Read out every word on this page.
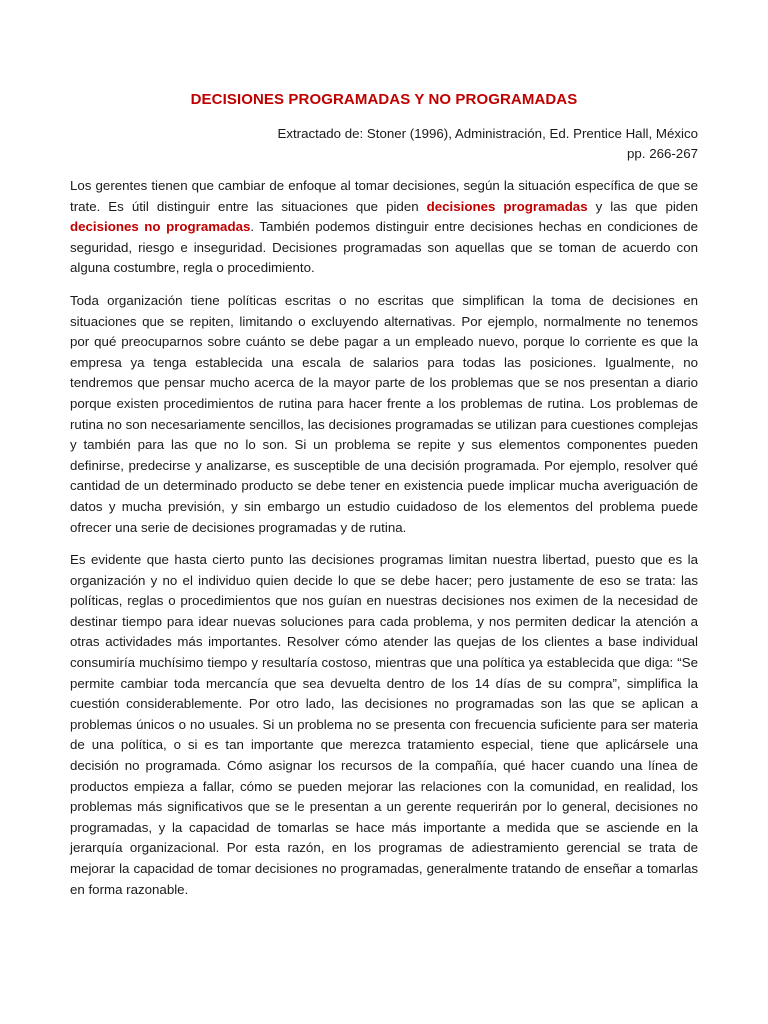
DECISIONES PROGRAMADAS Y NO PROGRAMADAS
Extractado de: Stoner (1996), Administración, Ed. Prentice Hall, México
pp. 266-267

Los gerentes tienen que cambiar de enfoque al tomar decisiones, según la situación específica de que se trate. Es útil distinguir entre las situaciones que piden decisiones programadas y las que piden decisiones no programadas. También podemos distinguir entre decisiones hechas en condiciones de seguridad, riesgo e inseguridad. Decisiones programadas son aquellas que se toman de acuerdo con alguna costumbre, regla o procedimiento.

Toda organización tiene políticas escritas o no escritas que simplifican la toma de decisiones en situaciones que se repiten, limitando o excluyendo alternativas. Por ejemplo, normalmente no tenemos por qué preocuparnos sobre cuánto se debe pagar a un empleado nuevo, porque lo corriente es que la empresa ya tenga establecida una escala de salarios para todas las posiciones. Igualmente, no tendremos que pensar mucho acerca de la mayor parte de los problemas que se nos presentan a diario porque existen procedimientos de rutina para hacer frente a los problemas de rutina. Los problemas de rutina no son necesariamente sencillos, las decisiones programadas se utilizan para cuestiones complejas y también para las que no lo son. Si un problema se repite y sus elementos componentes pueden definirse, predecirse y analizarse, es susceptible de una decisión programada. Por ejemplo, resolver qué cantidad de un determinado producto se debe tener en existencia puede implicar mucha averiguación de datos y mucha previsión, y sin embargo un estudio cuidadoso de los elementos del problema puede ofrecer una serie de decisiones programadas y de rutina.

Es evidente que hasta cierto punto las decisiones programas limitan nuestra libertad, puesto que es la organización y no el individuo quien decide lo que se debe hacer; pero justamente de eso se trata: las políticas, reglas o procedimientos que nos guían en nuestras decisiones nos eximen de la necesidad de destinar tiempo para idear nuevas soluciones para cada problema, y nos permiten dedicar la atención a otras actividades más importantes. Resolver cómo atender las quejas de los clientes a base individual consumiría muchísimo tiempo y resultaría costoso, mientras que una política ya establecida que diga: “Se permite cambiar toda mercancía que sea devuelta dentro de los 14 días de su compra”, simplifica la cuestión considerablemente. Por otro lado, las decisiones no programadas son las que se aplican a problemas únicos o no usuales. Si un problema no se presenta con frecuencia suficiente para ser materia de una política, o si es tan importante que merezca tratamiento especial, tiene que aplicársele una decisión no programada. Cómo asignar los recursos de la compañía, qué hacer cuando una línea de productos empieza a fallar, cómo se pueden mejorar las relaciones con la comunidad, en realidad, los problemas más significativos que se le presentan a un gerente requerirán por lo general, decisiones no programadas, y la capacidad de tomarlas se hace más importante a medida que se asciende en la jerarquía organizacional. Por esta razón, en los programas de adiestramiento gerencial se trata de mejorar la capacidad de tomar decisiones no programadas, generalmente tratando de enseñar a tomarlas en forma razonable.
